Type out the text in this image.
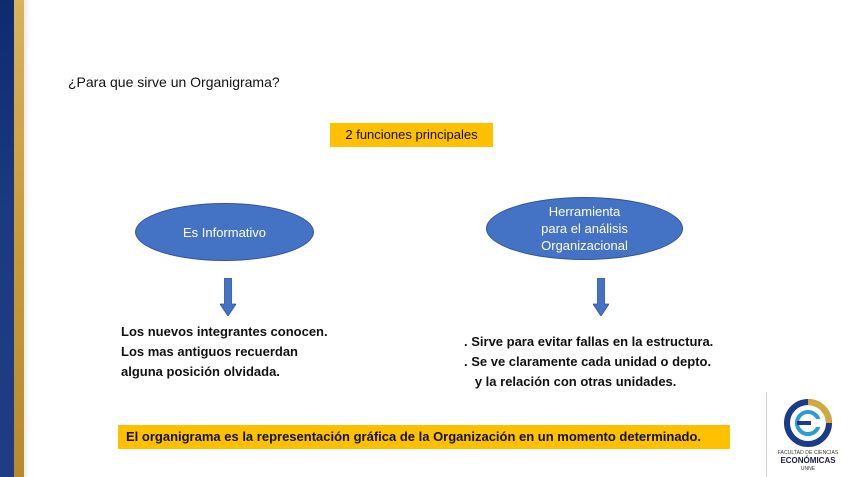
¿Para que sirve un Organigrama?
2 funciones principales
Es Informativo
Herramienta
para el análisis
Organizacional
Los nuevos integrantes conocen.
Los mas antiguos recuerdan
alguna posición olvidada.
. Sirve para evitar fallas en la estructura.
. Se ve claramente cada unidad o depto.
y la relación con otras unidades.
El organigrama es la representación gráfica de la Organización en un momento determinado.
FACULTAD DE CIENCIAS
ECONÓMICAS
UNNE
